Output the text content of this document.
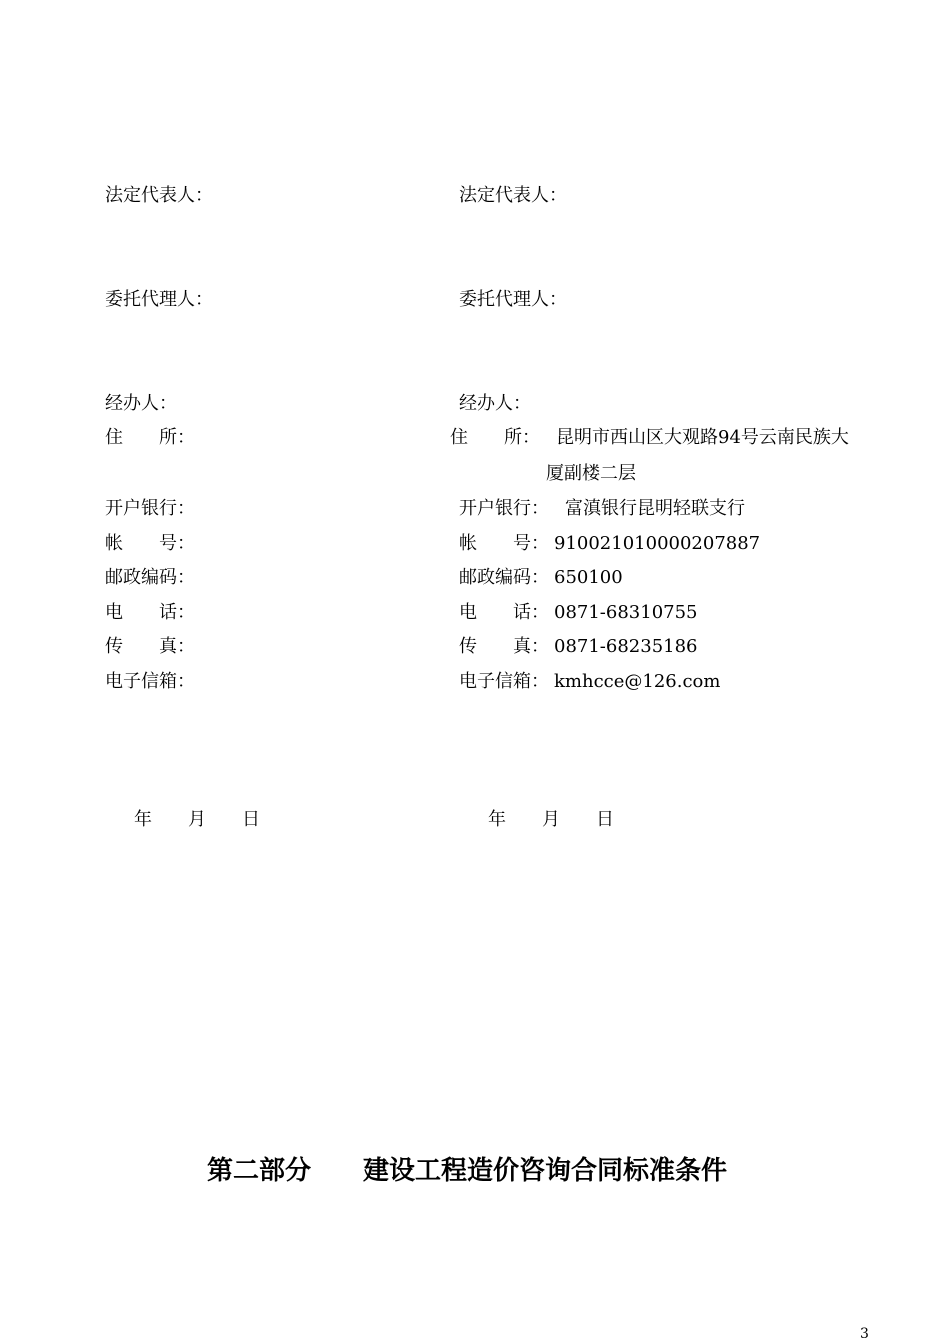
法定代表人：
委托代理人：
经办人：
住　　所：
开户银行：
帐　　号：
邮政编码：
电　　话：
传　　真：
电子信箱：
年　　月　　日
法定代表人：
委托代理人：
经办人：
住　　所： 昆明市西山区大观路94号云南民族大
厦副楼二层
开户银行： 富滇银行昆明轻联支行
帐　　号： 910021010000207887
邮政编码： 650100
电　　话： 0871-68310755
传　　真： 0871-68235186
电子信箱： kmhcce@126.com
年　　月　　日
第二部分　　建设工程造价咨询合同标准条件
3
